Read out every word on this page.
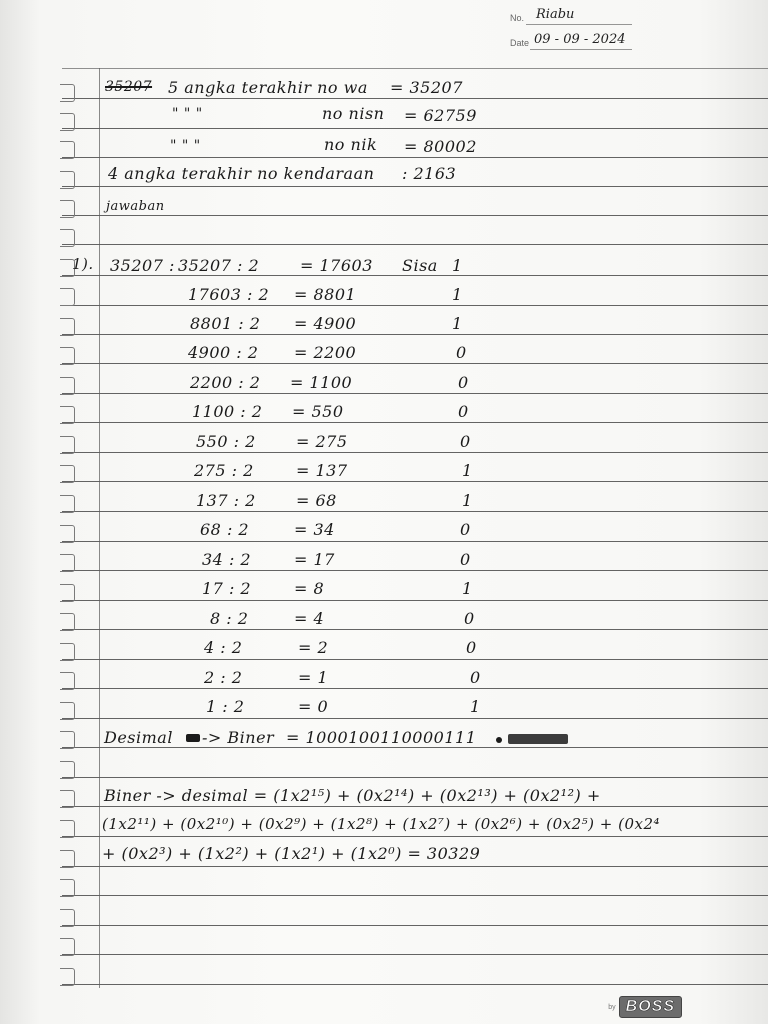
No. Riabu
Date 09 - 09 - 2024
35207 5 angka terakhir no wa = 35207
" " "	no nisn = 62759
" " "	no nik = 80002
4 angka terakhir no kendaraan : 2163
jawaban
1). 35207 : 35207 : 2	= 17603 Sisa 1
17603 : 2 = 8801	1
8801 : 2 = 4900	1
4900 : 2 = 2200	0
2200 : 2 = 1100	0
1100 : 2 = 550	0
550 : 2	= 275	0
275 : 2	= 137	1
137 : 2	= 68	1
68 : 2	= 34	0
34 : 2	= 17	0
17 : 2	= 8	1
8 : 2	= 4	0
4 : 2	= 2	0
2 : 2	= 1	0
1 : 2	= 0	1
Desimal -> Biner = 1000100110000111
Biner -> desimal = (1x2¹⁵) + (0x2¹⁴) + (0x2¹³) + (0x2¹²) +
(1x2¹¹) + (0x2¹⁰) + (0x2⁹) + (1x2⁸) + (1x2⁷) + (0x2⁶) + (0x2⁵) + (0x2⁴
+ (0x2³) + (1x2²) + (1x2¹) + (1x2⁰) = 30329
by BOSS
